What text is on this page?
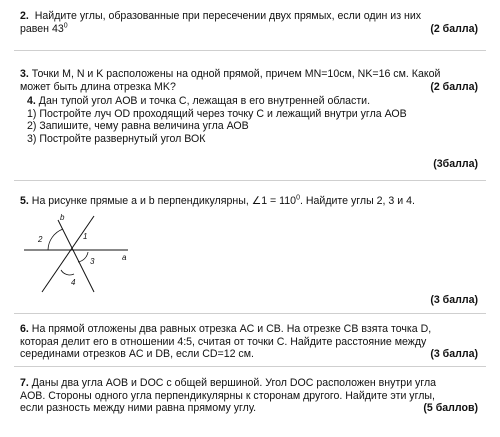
2. Найдите углы, образованные при пересечении двух прямых, если один из них
равен $43^0$	(2 балла)
3. Точки M, N и K расположены на одной прямой, причем MN=10см, NK=16 см. Какой
может быть длина отрезка MK?	(2 балла)
4. Дан тупой угол AOB и точка C, лежащая в его внутренней области.
1) Постройте луч OD проходящий через точку С и лежащий внутри угла АОВ
2) Запишите, чему равна величина угла АОВ
3) Постройте развернутый угол ВОК
(3балла)
5. На рисунке прямые a и b перпендикулярны, ∠1 = $110^0$. Найдите углы 2, 3 и 4.
b
a
1
2
3
4
(3 балла)
6. На прямой отложены два равных отрезка AC и CB. На отрезке CB взята точка D,
которая делит его в отношении 4:5, считая от точки C. Найдите расстояние между
серединами отрезков AC и DB, если CD=12 см.	(3 балла)
7. Даны два угла AOB и DOC с общей вершиной. Угол DOC расположен внутри угла
AOB. Стороны одного угла перпендикулярны к сторонам другого. Найдите эти углы,
если разность между ними равна прямому углу.	(5 баллов)
